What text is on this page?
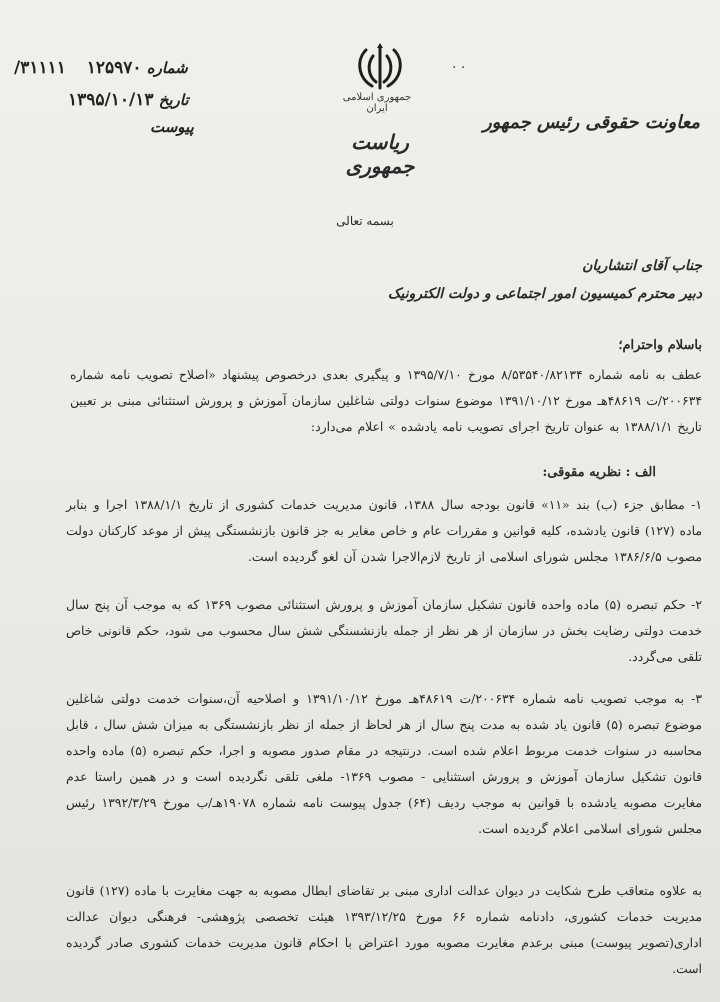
شماره ۱۲۵۹۷۰    ۳۱۱۱۱/
تاریخ ۱۳۹۵/۱۰/۱۳
پیوست
جمهوری اسلامی ایران
ریاست جمهوری
. .
معاونت حقوقی رئیس جمهور
بسمه تعالی
جناب آقای انتشاریان
دبیر محترم کمیسیون امور اجتماعی و دولت الکترونیک
باسلام واحترام؛
عطف به نامه شماره ۸/۵۳۵۴۰/۸۲۱۳۴ مورخ ۱۳۹۵/۷/۱۰ و پیگیری بعدی درخصوص پیشنهاد «اصلاح تصویب نامه شماره ۲۰۰۶۳۴/ت ۴۸۶۱۹هـ مورخ ۱۳۹۱/۱۰/۱۲ موضوع سنوات دولتی شاغلین سازمان آموزش و پرورش استثنائی مبنی بر تعیین تاریخ ۱۳۸۸/۱/۱ به عنوان تاریخ اجرای تصویب نامه یادشده » اعلام می‌دارد:
الف : نظریه مقوقی:
۱- مطابق جزء (ب) بند «۱۱» قانون بودجه سال ۱۳۸۸، قانون مدیریت خدمات کشوری از تاریخ ۱۳۸۸/۱/۱ اجرا و بنابر ماده (۱۲۷) قانون یادشده، کلیه قوانین و مقررات عام و خاص مغایر به جز قانون بازنشستگی پیش از موعد کارکنان دولت مصوب ۱۳۸۶/۶/۵ مجلس شورای اسلامی از تاریخ لازم‌الاجرا شدن آن لغو گردیده است.
۲- حکم تبصره (۵) ماده واحده قانون تشکیل سازمان آموزش و پرورش استثنائی مصوب ۱۳۶۹ که به موجب آن پنج سال خدمت دولتی رضایت بخش در سازمان از هر نظر از جمله بازنشستگی شش سال محسوب می شود، حکم قانونی خاص تلقی می‌گردد.
۳- به موجب تصویب نامه شماره ۲۰۰۶۳۴/ت ۴۸۶۱۹هـ مورخ ۱۳۹۱/۱۰/۱۲ و اصلاحیه آن،سنوات خدمت دولتی شاغلین موضوع تبصره (۵) قانون یاد شده به مدت پنج سال از هر لحاظ از جمله از نظر بازنشستگی به میزان شش سال ، قابل محاسبه در سنوات خدمت مربوط اعلام شده است. درنتیجه در مقام صدور مصوبه و اجرا، حکم تبصره (۵) ماده واحده قانون تشکیل سازمان آموزش و پرورش استثنایی - مصوب ۱۳۶۹- ملغی تلقی نگردیده است و در همین راستا عدم مغایرت مصوبه یادشده با قوانین به موجب ردیف (۶۴) جدول پیوست نامه شماره ۱۹۰۷۸هـ/ب مورخ ۱۳۹۲/۳/۲۹ رئیس مجلس شورای اسلامی اعلام گردیده است.
به علاوه متعاقب طرح شکایت در دیوان عدالت اداری مبنی بر تقاضای ابطال مصوبه به جهت مغایرت با ماده (۱۲۷) قانون مدیریت خدمات کشوری، دادنامه شماره ۶۶ مورخ ۱۳۹۳/۱۲/۲۵ هیئت تخصصی پژوهشی- فرهنگی دیوان عدالت اداری(تصویر پیوست) مبنی برعدم مغایرت مصوبه مورد اعتراض با احکام قانون مدیریت خدمات کشوری صادر گردیده است.
